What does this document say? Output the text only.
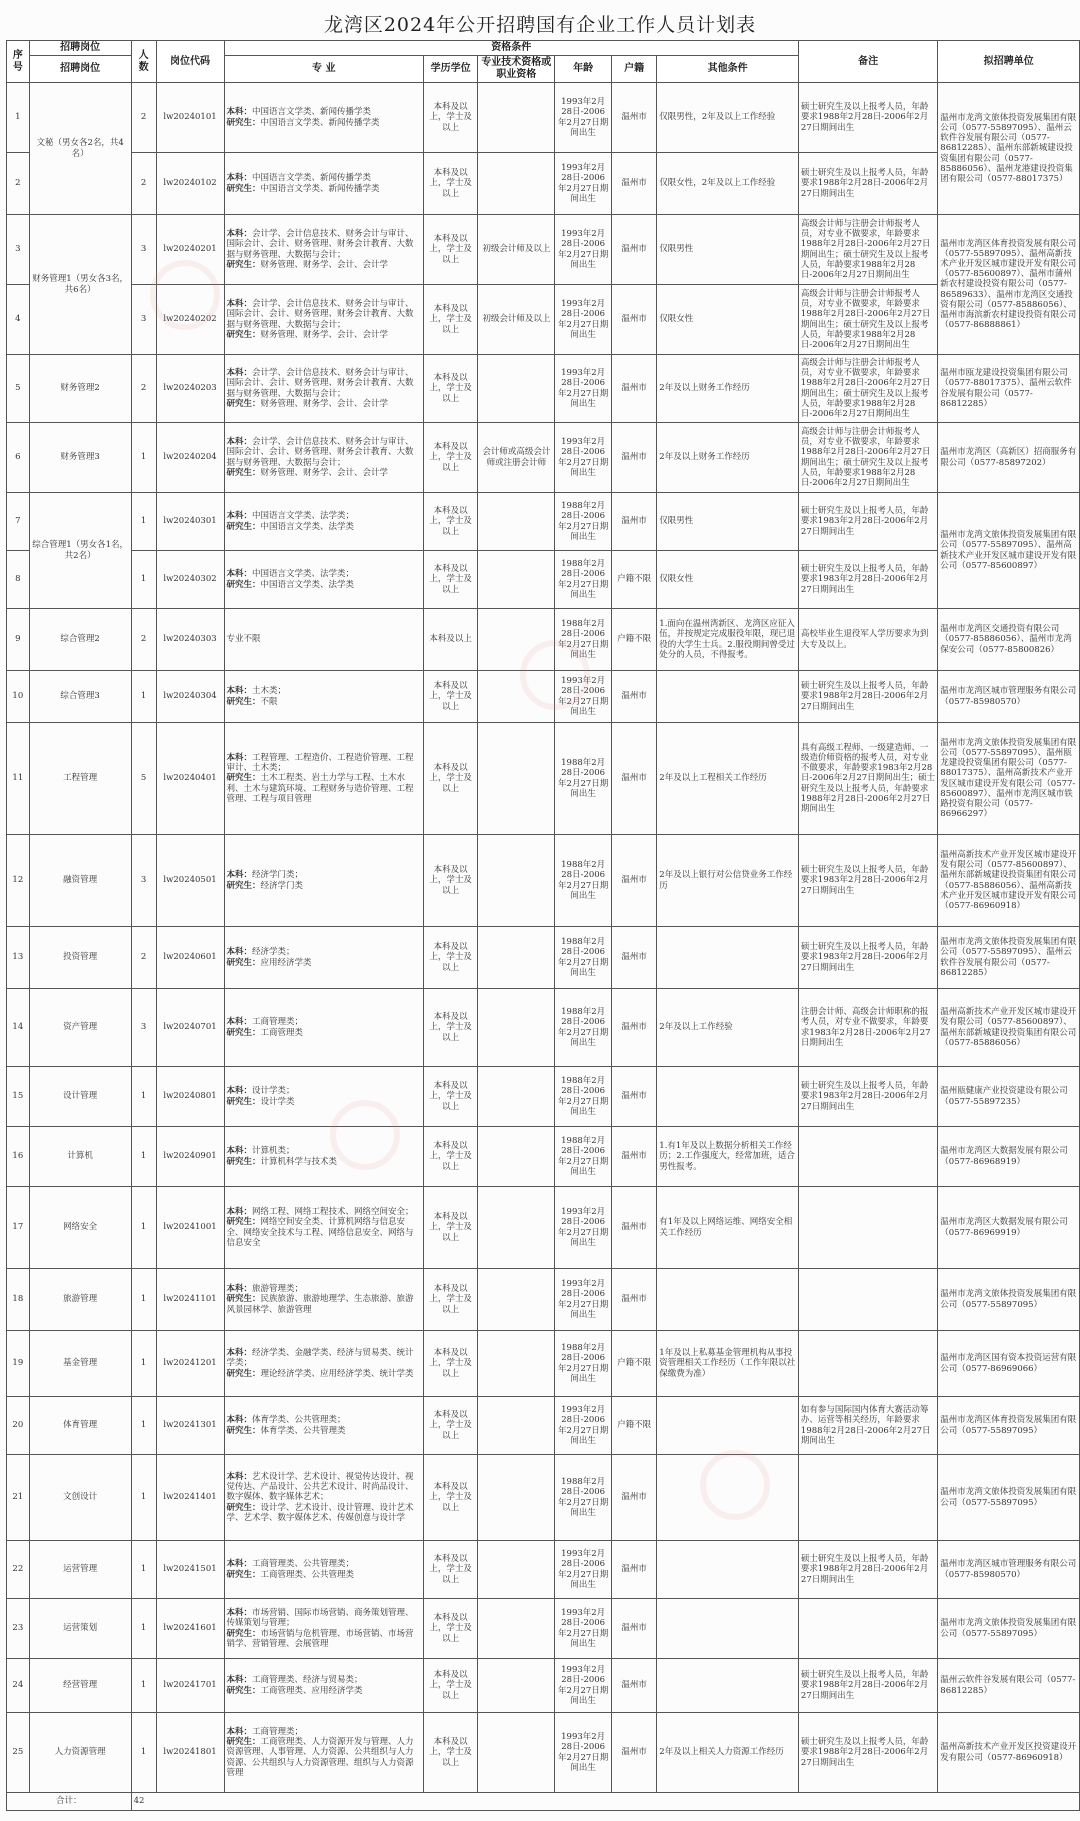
龙湾区2024年公开招聘国有企业工作人员计划表
序号	招聘岗位	人数	岗位代码	资格条件						备注	拟招聘单位
	招聘岗位			专 业	学历学位	专业技术资格或职业资格	年龄	户籍	其他条件		
1	文秘（男女各2名，共4名）	2	lw20240101	本科：中国语言文学类、新闻传播学类
研究生：中国语言文学类、新闻传播学类	本科及以上，学士及以上		1993年2月28日-2006年2月27日期间出生	温州市	仅限男性，2年及以上工作经验	硕士研究生及以上报考人员，年龄要求1988年2月28日-2006年2月27日期间出生	温州市龙湾文旅体投资发展集团有限公司（0577-55897095）、温州云软件谷发展有限公司（0577-86812285）、温州东部新城建设投资集团有限公司（0577-85886056）、温州龙港建设投资集团有限公司（0577-88017375）
2		2	lw20240102	本科：中国语言文学类、新闻传播学类
研究生：中国语言文学类、新闻传播学类	本科及以上，学士及以上		1993年2月28日-2006年2月27日期间出生	温州市	仅限女性，2年及以上工作经验	硕士研究生及以上报考人员，年龄要求1988年2月28日-2006年2月27日期间出生	
3	财务管理1（男女各3名，共6名）	3	lw20240201	本科：会计学、会计信息技术、财务会计与审计、国际会计、会计、财务管理、财务会计教育、大数据与财务管理、大数据与会计；
研究生：财务管理、财务学、会计、会计学	本科及以上，学士及以上	初级会计师及以上	1993年2月28日-2006年2月27日期间出生	温州市	仅限男性	高级会计师与注册会计师报考人员，对专业不做要求，年龄要求1988年2月28日-2006年2月27日期间出生；硕士研究生及以上报考人员，年龄要求1988年2月28日-2006年2月27日期间出生	温州市龙湾区体育投资发展有限公司（0577-55897095）、温州高新技术产业开发区城市建设开发有限公司（0577-85600897）、温州市蒲州新农村建设投资有限公司（0577-86589633）、温州市龙湾区交通投资有限公司（0577-85886056）、温州市海滨新农村建设投资有限公司（0577-86888861）
4		3	lw20240202	本科：会计学、会计信息技术、财务会计与审计、国际会计、会计、财务管理、财务会计教育、大数据与财务管理、大数据与会计；
研究生：财务管理、财务学、会计、会计学	本科及以上，学士及以上	初级会计师及以上	1993年2月28日-2006年2月27日期间出生	温州市	仅限女性	高级会计师与注册会计师报考人员，对专业不做要求，年龄要求1988年2月28日-2006年2月27日期间出生；硕士研究生及以上报考人员，年龄要求1988年2月28日-2006年2月27日期间出生	
5	财务管理2	2	lw20240203	本科：会计学、会计信息技术、财务会计与审计、国际会计、会计、财务管理、财务会计教育、大数据与财务管理、大数据与会计；
研究生：财务管理、财务学、会计、会计学	本科及以上，学士及以上		1993年2月28日-2006年2月27日期间出生	温州市	2年及以上财务工作经历	高级会计师与注册会计师报考人员，对专业不做要求，年龄要求1988年2月28日-2006年2月27日期间出生；硕士研究生及以上报考人员，年龄要求1988年2月28日-2006年2月27日期间出生	温州市瓯龙建设投资集团有限公司（0577-88017375）、温州云软件谷发展有限公司（0577-86812285）
6	财务管理3	1	lw20240204	本科：会计学、会计信息技术、财务会计与审计、国际会计、会计、财务管理、财务会计教育、大数据与财务管理、大数据与会计；
研究生：财务管理、财务学、会计、会计学	本科及以上，学士及以上	会计师或高级会计师或注册会计师	1993年2月28日-2006年2月27日期间出生	温州市	2年及以上财务工作经历	高级会计师与注册会计师报考人员，对专业不做要求，年龄要求1988年2月28日-2006年2月27日期间出生；硕士研究生及以上报考人员，年龄要求1988年2月28日-2006年2月27日期间出生	温州市龙湾区（高新区）招商服务有限公司（0577-85897202）
7	综合管理1（男女各1名，共2名）	1	lw20240301	本科：中国语言文学类、法学类；
研究生：中国语言文学类、法学类	本科及以上，学士及以上		1988年2月28日-2006年2月27日期间出生	温州市	仅限男性	硕士研究生及以上报考人员，年龄要求1983年2月28日-2006年2月27日期间出生	温州市龙湾文旅体投资发展集团有限公司（0577-55897095）、温州高新技术产业开发区城市建设开发有限公司（0577-85600897）
8		1	lw20240302	本科：中国语言文学类、法学类；
研究生：中国语言文学类、法学类	本科及以上，学士及以上		1988年2月28日-2006年2月27日期间出生	户籍不限	仅限女性	硕士研究生及以上报考人员，年龄要求1983年2月28日-2006年2月27日期间出生	
9	综合管理2	2	lw20240303	专业不限	本科及以上		1988年2月28日-2006年2月27日期间出生	户籍不限	1.面向在温州湾新区、龙湾区应征入伍，并按规定完成服役年限，现已退役的大学生士兵。2.服役期间曾受过处分的人员，不得报考。	高校毕业生退役军人学历要求为到大专及以上。	温州市龙湾区交通投资有限公司（0577-85886056）、温州市龙湾保安公司（0577-85800826）
10	综合管理3	1	lw20240304	本科：土木类；
研究生：不限	本科及以上，学士及以上		1993年2月28日-2006年2月27日期间出生	温州市		硕士研究生及以上报考人员，年龄要求1988年2月28日-2006年2月27日期间出生	温州市龙湾区城市管理服务有限公司（0577-85980570）
11	工程管理	5	lw20240401	本科：工程管理、工程造价、工程造价管理、工程审计、土木类；
研究生：土木工程类、岩土力学与工程、土木水利、土木与建筑环境、工程财务与造价管理、工程管理、工程与项目管理	本科及以上，学士及以上		1988年2月28日-2006年2月27日期间出生	温州市	2年及以上工程相关工作经历	具有高级工程师、一级建造师、一级造价师资格的报考人员，对专业不做要求，年龄要求1983年2月28日-2006年2月27日期间出生；硕士研究生及以上报考人员，年龄要求1988年2月28日-2006年2月27日期间出生	温州市龙湾文旅体投资发展集团有限公司（0577-55897095）、温州瓯龙建设投资集团有限公司（0577-88017375）、温州高新技术产业开发区城市建设开发有限公司（0577-85600897）、温州市龙湾区城市铁路投资有限公司（0577-86966297）
12	融资管理	3	lw20240501	本科：经济学门类；
研究生：经济学门类	本科及以上，学士及以上		1988年2月28日-2006年2月27日期间出生	温州市	2年及以上银行对公信贷业务工作经历	硕士研究生及以上报考人员，年龄要求1983年2月28日-2006年2月27日期间出生	温州高新技术产业开发区城市建设开发有限公司（0577-85600897）、温州东部新城建设投资集团有限公司（0577-85886056）、温州高新技术产业开发区城市建设开发有限公司（0577-86960918）
13	投资管理	2	lw20240601	本科：经济学类；
研究生：应用经济学类	本科及以上，学士及以上		1988年2月28日-2006年2月27日期间出生	温州市		硕士研究生及以上报考人员，年龄要求1983年2月28日-2006年2月27日期间出生	温州市龙湾文旅体投资发展集团有限公司（0577-55897095）、温州云软件谷发展有限公司（0577-86812285）
14	资产管理	3	lw20240701	本科：工商管理类；
研究生：工商管理类	本科及以上，学士及以上		1988年2月28日-2006年2月27日期间出生	温州市	2年及以上工作经验	注册会计师、高级会计师职称的报考人员，对专业不做要求，年龄要求1983年2月28日-2006年2月27日期间出生	温州高新技术产业开发区城市建设开发有限公司（0577-85600897）、温州东部新城建设投资集团有限公司（0577-85886056）
15	设计管理	1	lw20240801	本科：设计学类；
研究生：设计学类	本科及以上，学士及以上		1988年2月28日-2006年2月27日期间出生	温州市		硕士研究生及以上报考人员，年龄要求1983年2月28日-2006年2月27日期间出生	温州瓯健康产业投资建设有限公司（0577-55897235）
16	计算机	1	lw20240901	本科：计算机类；
研究生：计算机科学与技术类	本科及以上，学士及以上		1988年2月28日-2006年2月27日期间出生	温州市	1.有1年及以上数据分析相关工作经历；2.工作强度大，经常加班，适合男性报考。		温州市龙湾区大数据发展有限公司（0577-86968919）
17	网络安全	1	lw20241001	本科：网络工程、网络工程技术、网络空间安全；
研究生：网络空间安全类、计算机网络与信息安全、网络安全技术与工程、网络信息安全、网络与信息安全	本科及以上，学士及以上		1993年2月28日-2006年2月27日期间出生	温州市	有1年及以上网络运维、网络安全相关工作经历		温州市龙湾区大数据发展有限公司（0577-86969919）
18	旅游管理	1	lw20241101	本科：旅游管理类；
研究生：民族旅游、旅游地理学、生态旅游、旅游风景园林学、旅游管理	本科及以上，学士及以上		1993年2月28日-2006年2月27日期间出生	温州市			温州市龙湾文旅体投资发展集团有限公司（0577-55897095）
19	基金管理	1	lw20241201	本科：经济学类、金融学类、经济与贸易类、统计学类；
研究生：理论经济学类、应用经济学类、统计学类	本科及以上，学士及以上		1988年2月28日-2006年2月27日期间出生	户籍不限	1年及以上私募基金管理机构从事投资管理相关工作经历（工作年限以社保缴费为准）		温州市龙湾区国有资本投资运营有限公司（0577-86969066）
20	体育管理	1	lw20241301	本科：体育学类、公共管理类；
研究生：体育学类、公共管理类	本科及以上，学士及以上		1993年2月28日-2006年2月27日期间出生	户籍不限		如有参与国际国内体育大赛活动筹办、运营等相关经历，年龄要求1988年2月28日-2006年2月27日期间出生	温州市龙湾区体育投资发展集团有限公司（0577-55897095）
21	文创设计	1	lw20241401	本科：艺术设计学、艺术设计、视觉传达设计、视觉传达、产品设计、公共艺术设计、时尚品设计、数字媒体、数字媒体艺术；
研究生：设计学、艺术设计、设计管理、设计艺术学、艺术学、数字媒体艺术、传媒创意与设计学	本科及以上，学士及以上		1988年2月28日-2006年2月27日期间出生	温州市			温州市龙湾文旅体投资发展集团有限公司（0577-55897095）
22	运营管理	1	lw20241501	本科：工商管理类、公共管理类；
研究生：工商管理类、公共管理类	本科及以上，学士及以上		1993年2月28日-2006年2月27日期间出生	温州市		硕士研究生及以上报考人员，年龄要求1988年2月28日-2006年2月27日期间出生	温州市龙湾区城市管理服务有限公司（0577-85980570）
23	运营策划	1	lw20241601	本科：市场营销、国际市场营销、商务策划管理、传媒策划与管理；
研究生：市场营销与危机管理、市场营销、市场营销学、营销管理、会展管理	本科及以上，学士及以上		1993年2月28日-2006年2月27日期间出生	温州市			温州市龙湾文旅体投资发展集团有限公司（0577-55897095）
24	经营管理	1	lw20241701	本科：工商管理类、经济与贸易类；
研究生：工商管理类、应用经济学类	本科及以上，学士及以上		1993年2月28日-2006年2月27日期间出生	温州市		硕士研究生及以上报考人员，年龄要求1988年2月28日-2006年2月27日期间出生	温州云软件谷发展有限公司（0577-86812285）
25	人力资源管理	1	lw20241801	本科：工商管理类；
研究生：工商管理类、人力资源开发与管理、人力资源管理、人事管理、人力资源、公共组织与人力资源、公共组织与人力资源管理、组织与人力资源管理	本科及以上，学士及以上		1993年2月28日-2006年2月27日期间出生	温州市	2年及以上相关人力资源工作经历	硕士研究生及以上报考人员，年龄要求1988年2月28日-2006年2月27日期间出生	温州高新技术产业开发区投资建设开发有限公司（0577-86960918）
合计：		42									
